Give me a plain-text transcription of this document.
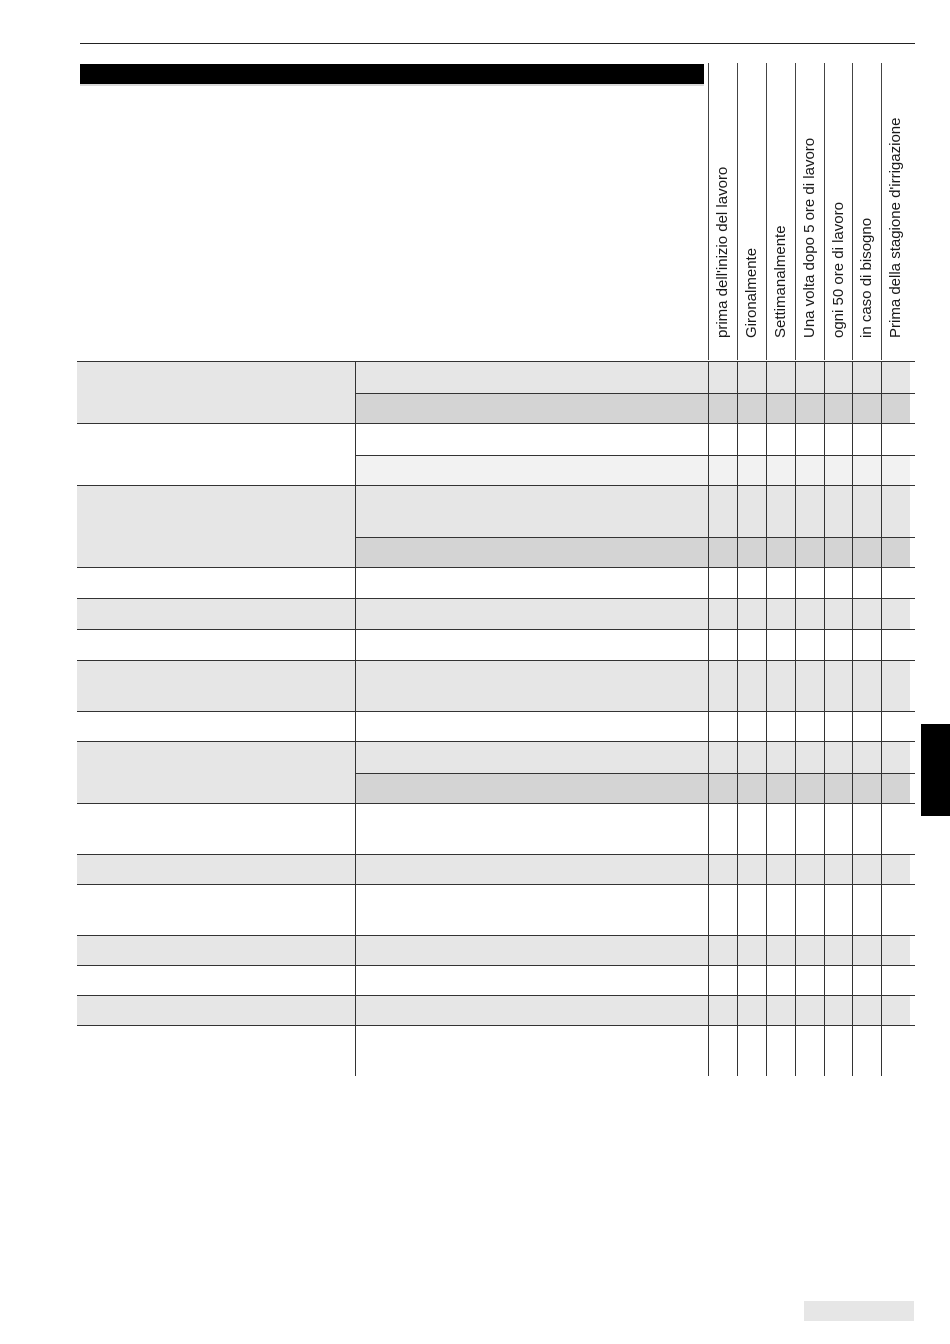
prima dell'inizio del lavoro Gironalmente Settimanalmente Una volta dopo 5 ore di lavoro ogni 50 ore di lavoro in caso di bisogno Prima della stagione d'irrigazione
